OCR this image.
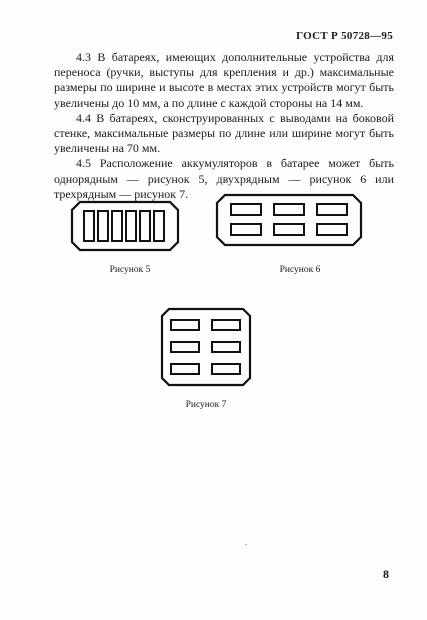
ГОСТ Р 50728—95

4.3 В батареях, имеющих дополнительные устройства для переноса (ручки, выступы для крепления и др.) максимальные размеры по ширине и высоте в местах этих устройств могут быть увеличены до 10 мм, а по длине с каждой стороны на 14 мм.

4.4 В батареях, сконструированных с выводами на боковой стенке, максимальные размеры по длине или ширине могут быть увеличены на 70 мм.

4.5 Расположение аккумуляторов в батарее может быть однорядным — рисунок 5, двухрядным — рисунок 6 или трехрядным — рисунок 7.

Рисунок 5	Рисунок 6
Рисунок 7
.
8
